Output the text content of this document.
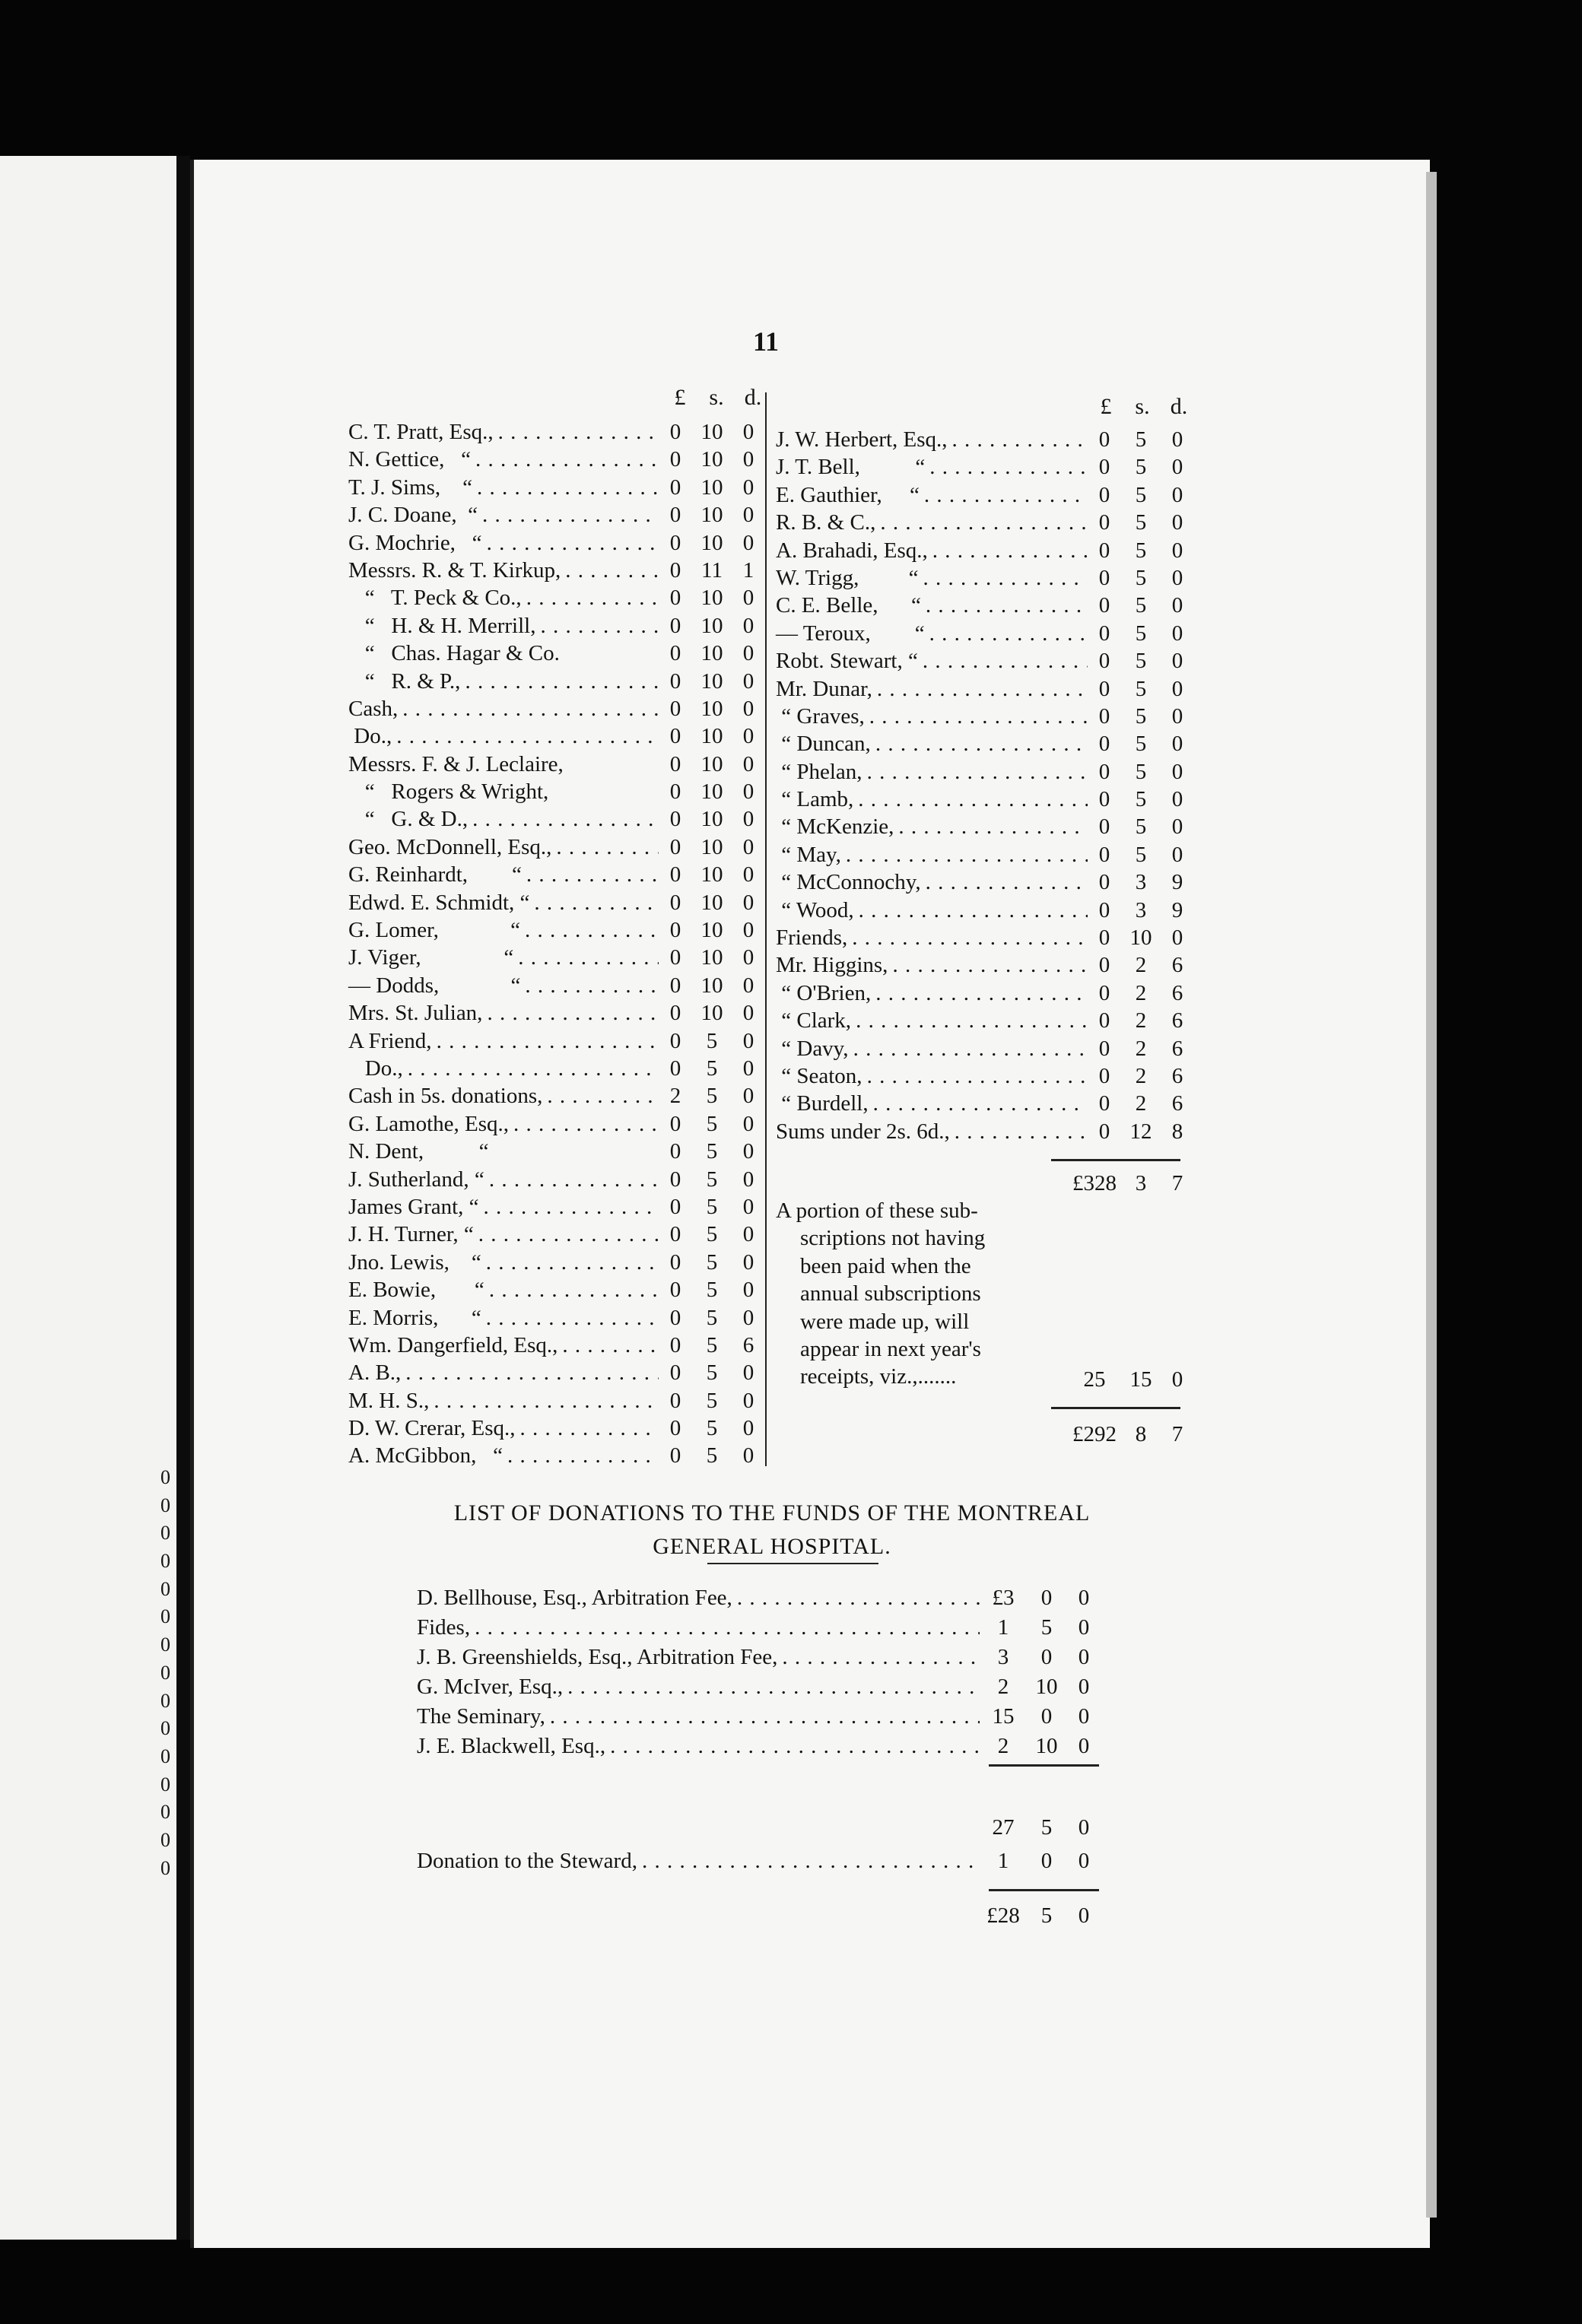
0
0
0
0
0
0
0
0
0
0
0
0
0
0
0
11
£	s. d.	£	s. d.
C. T. Pratt, Esq., . . .	0 10 0
N. Gettice,   “ . . .	0 10 0
T. J. Sims,    “ . . .	0 10 0
J. C. Doane,  “ . . .	0 10 0
G. Mochrie,   “ . . .	0 10 0
Messrs. R. & T. Kirkup, . . .	0 11 1
“   T. Peck & Co., . . .	0 10 0
“   H. & H. Merrill, . . .	0 10 0
“   Chas. Hagar & Co.	0 10 0
“   R. & P., . . .	0 10 0
Cash, . . .	0 10 0
Do., . . .	0 10 0
Messrs. F. & J. Leclaire,	0 10 0
“   Rogers & Wright,	0 10 0
“   G. & D., . . .	0 10 0
Geo. McDonnell, Esq., . . .	0 10 0
G. Reinhardt,        “ . . .	0 10 0
Edwd. E. Schmidt, “ . . .	0 10 0
G. Lomer,             “ . . .	0 10 0
J. Viger,               “ . . .	0 10 0
— Dodds,             “ . . .	0 10 0
Mrs. St. Julian, . . .	0 10 0
A Friend, . . .	0	5	0
Do., . . .	0	5	0
Cash in 5s. donations, . . .	2	5	0
G. Lamothe, Esq., . . .	0	5	0
N. Dent,          “	0	5	0
J. Sutherland, “ . . .	0	5	0
James Grant, “ . . .	0	5	0
J. H. Turner, “ . . .	0	5	0
Jno. Lewis,    “ . . .	0	5	0
E. Bowie,       “ . . .	0	5	0
E. Morris,      “ . . .	0	5	0
Wm. Dangerfield, Esq., . . .	0	5	6
A. B., . . .	0	5	0
M. H. S., . . .	0	5	0
D. W. Crerar, Esq., . . .	0	5	0
A. McGibbon,   “ . . .	0	5	0
J. W. Herbert, Esq., . . .	0	5	0
J. T. Bell,          “ . . .	0	5	0
E. Gauthier,     “ . . .	0	5	0
R. B. & C., . . .	0	5	0
A. Brahadi, Esq., . . .	0	5	0
W. Trigg,         “ . . .	0	5	0
C. E. Belle,      “ . . .	0	5	0
— Teroux,        “ . . .	0	5	0
Robt. Stewart, “ . . .	0	5	0
Mr. Dunar, . . .	0	5	0
“ Graves, . . .	0	5	0
“ Duncan, . . .	0	5	0
“ Phelan, . . .	0	5	0
“ Lamb, . . .	0	5	0
“ McKenzie, . . .	0	5	0
“ May, . . .	0	5	0
“ McConnochy, . . .	0	3	9
“ Wood, . . .	0	3	9
Friends, . . .	0 10 0
Mr. Higgins, . . .	0	2	6
“ O'Brien, . . .	0	2	6
“ Clark, . . .	0	2	6
“ Davy, . . .	0	2	6
“ Seaton, . . .	0	2	6
“ Burdell, . . .	0	2	6
Sums under 2s. 6d., . . .	0 12 8
£328 3	7
A portion of these sub-
scriptions not having
been paid when the
annual subscriptions
were made up, will
appear in next year's
receipts, viz.,.......	25	15 0
£292 8	7
LIST OF DONATIONS TO THE FUNDS OF THE MONTREAL
GENERAL HOSPITAL.
D. Bellhouse, Esq., Arbitration Fee, . . .	£3	0	0
Fides, . . .	1	5	0
J. B. Greenshields, Esq., Arbitration Fee, . . .	3	0	0
G. McIver, Esq., . . .	2	10 0
The Seminary, . . .	15	0	0
J. E. Blackwell, Esq., . . .	2	10 0
27	5	0
Donation to the Steward, . . .	1	0	0
£28 5	0
